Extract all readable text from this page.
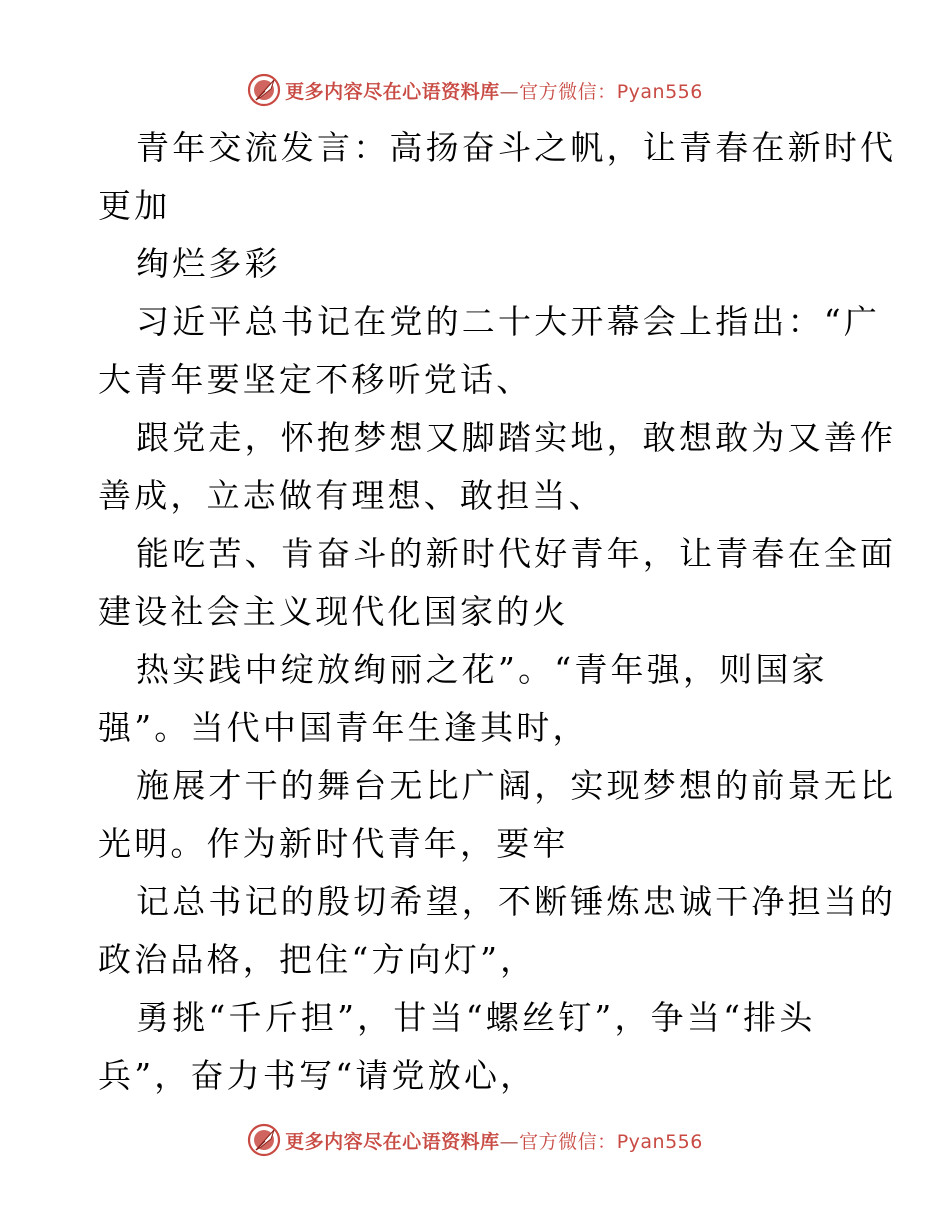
更多内容尽在心语资料库—官方微信：Pyan556
青年交流发言：高扬奋斗之帆，让青春在新时代
更加
绚烂多彩
习近平总书记在党的二十大开幕会上指出：“广
大青年要坚定不移听党话、
跟党走，怀抱梦想又脚踏实地，敢想敢为又善作
善成，立志做有理想、敢担当、
能吃苦、肯奋斗的新时代好青年，让青春在全面
建设社会主义现代化国家的火
热实践中绽放绚丽之花”。“青年强，则国家
强”。当代中国青年生逢其时，
施展才干的舞台无比广阔，实现梦想的前景无比
光明。作为新时代青年，要牢
记总书记的殷切希望，不断锤炼忠诚干净担当的
政治品格，把住“方向灯”，
勇挑“千斤担”，甘当“螺丝钉”，争当“排头
兵”，奋力书写“请党放心，
更多内容尽在心语资料库—官方微信：Pyan556
